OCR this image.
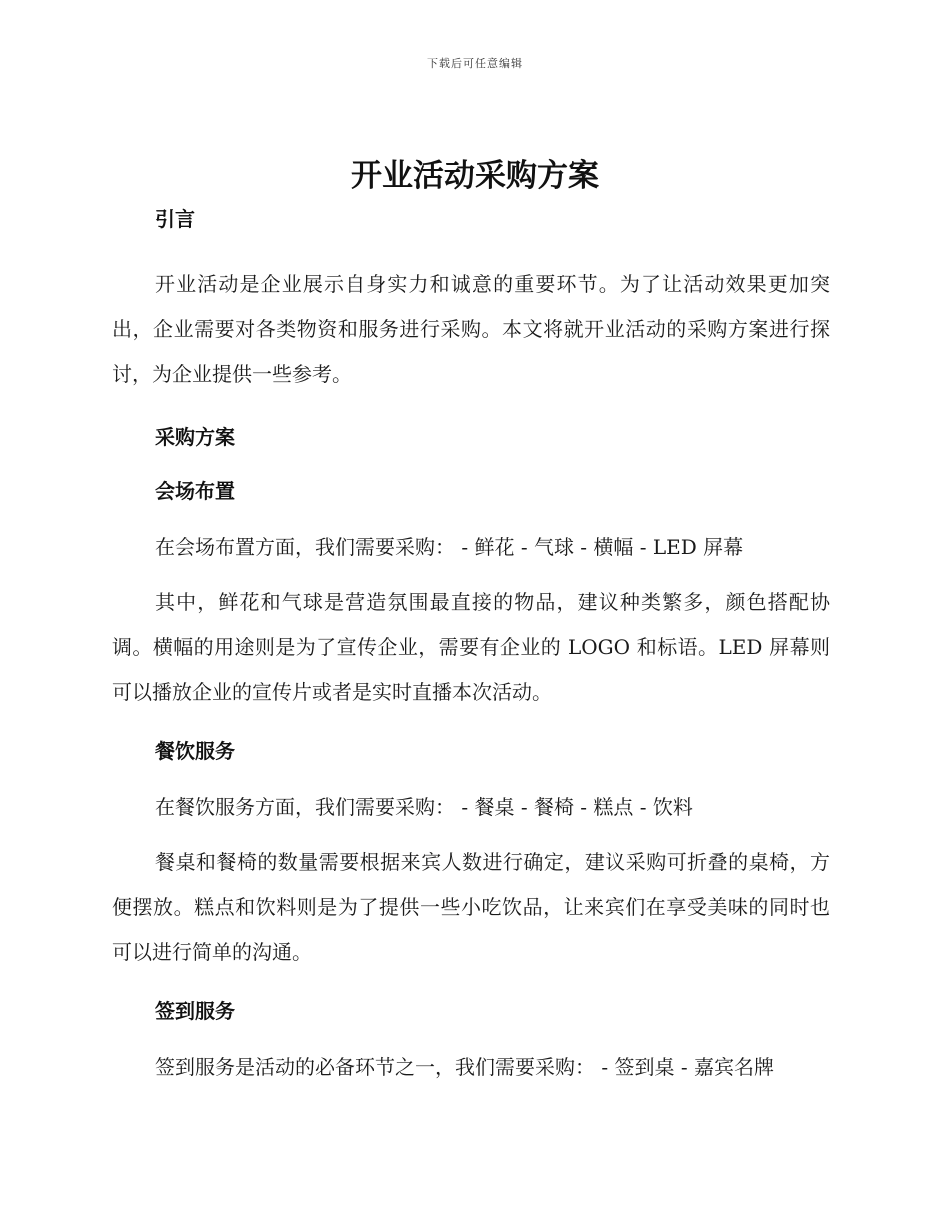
下载后可任意编辑
开业活动采购方案

引言

开业活动是企业展示自身实力和诚意的重要环节。为了让活动效果更加突出，企业需要对各类物资和服务进行采购。本文将就开业活动的采购方案进行探讨，为企业提供一些参考。

采购方案

会场布置

在会场布置方面，我们需要采购： - 鲜花 - 气球 - 横幅 - LED 屏幕

其中，鲜花和气球是营造氛围最直接的物品，建议种类繁多，颜色搭配协调。横幅的用途则是为了宣传企业，需要有企业的 LOGO 和标语。LED 屏幕则可以播放企业的宣传片或者是实时直播本次活动。

餐饮服务

在餐饮服务方面，我们需要采购： - 餐桌 - 餐椅 - 糕点 - 饮料

餐桌和餐椅的数量需要根据来宾人数进行确定，建议采购可折叠的桌椅，方便摆放。糕点和饮料则是为了提供一些小吃饮品，让来宾们在享受美味的同时也可以进行简单的沟通。

签到服务

签到服务是活动的必备环节之一，我们需要采购： - 签到桌 - 嘉宾名牌
